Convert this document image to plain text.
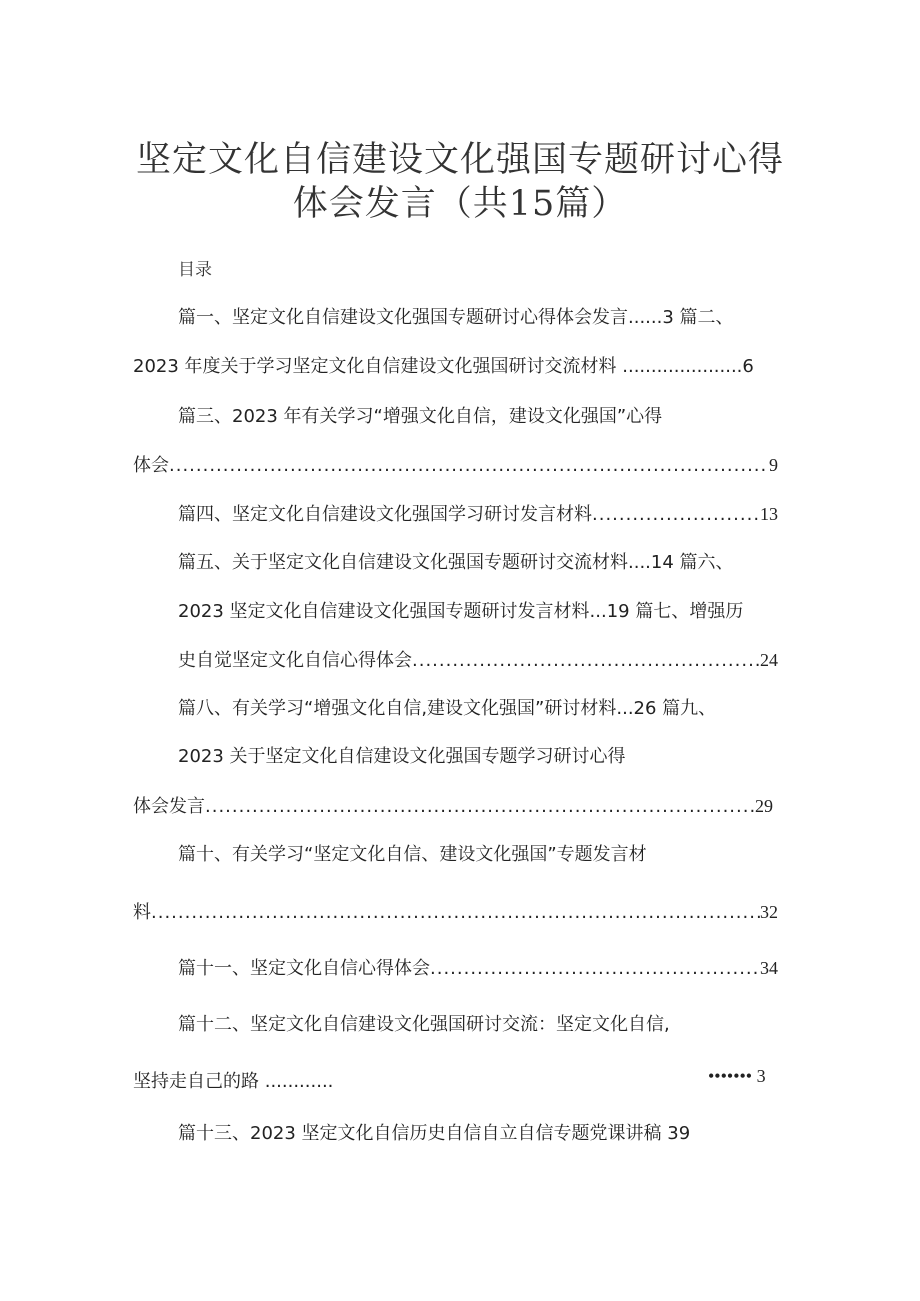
坚定文化自信建设文化强国专题研讨心得
体会发言（共15篇）
目录
篇一、坚定文化自信建设文化强国专题研讨心得体会发言......3 篇二、
2023 年度关于学习坚定文化自信建设文化强国研讨交流材料 .....................6
篇三、2023 年有关学习“增强文化自信，建设文化强国”心得
体会 .....	9
篇四、坚定文化自信建设文化强国学习研讨发言材料 .....	13
篇五、关于坚定文化自信建设文化强国专题研讨交流材料....14 篇六、
2023 坚定文化自信建设文化强国专题研讨发言材料...19 篇七、增强历
史自觉坚定文化自信心得体会 .....	24
篇八、有关学习“增强文化自信,建设文化强国”研讨材料...26 篇九、
2023 关于坚定文化自信建设文化强国专题学习研讨心得
体会发言 .....	29
篇十、有关学习“坚定文化自信、建设文化强国”专题发言材
料 .....	32
篇十一、坚定文化自信心得体会 .....	34
篇十二、坚定文化自信建设文化强国研讨交流：坚定文化自信,
坚持走自己的路 ............	••••••• 3
篇十三、2023 坚定文化自信历史自信自立自信专题党课讲稿 39
